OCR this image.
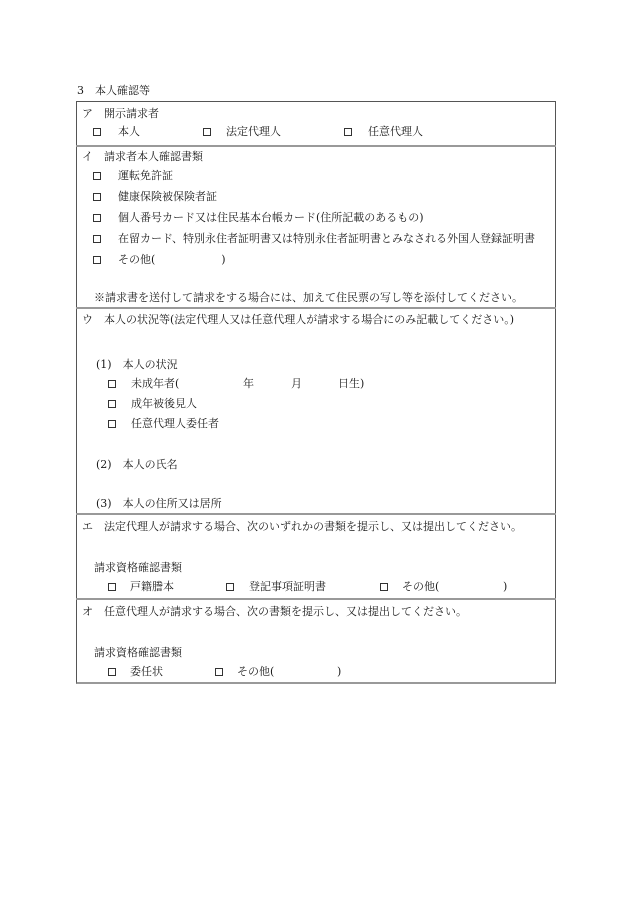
3　本人確認等
ア　開示請求者
本人	法定代理人	任意代理人
イ　請求者本人確認書類
運転免許証
健康保険被保険者証
個人番号カード又は住民基本台帳カード(住所記載のあるもの)
在留カード、特別永住者証明書又は特別永住者証明書とみなされる外国人登録証明書
その他(　　　　　　)
※請求書を送付して請求をする場合には、加えて住民票の写し等を添付してください。
ウ　本人の状況等(法定代理人又は任意代理人が請求する場合にのみ記載してください。)
(1)　本人の状況
未成年者(	年	月	日生)
成年被後見人
任意代理人委任者
(2)　本人の氏名
(3)　本人の住所又は居所
エ　法定代理人が請求する場合、次のいずれかの書類を提示し、又は提出してください。
請求資格確認書類
戸籍謄本	登記事項証明書	その他(	)
オ　任意代理人が請求する場合、次の書類を提示し、又は提出してください。
請求資格確認書類
委任状	その他(	)
